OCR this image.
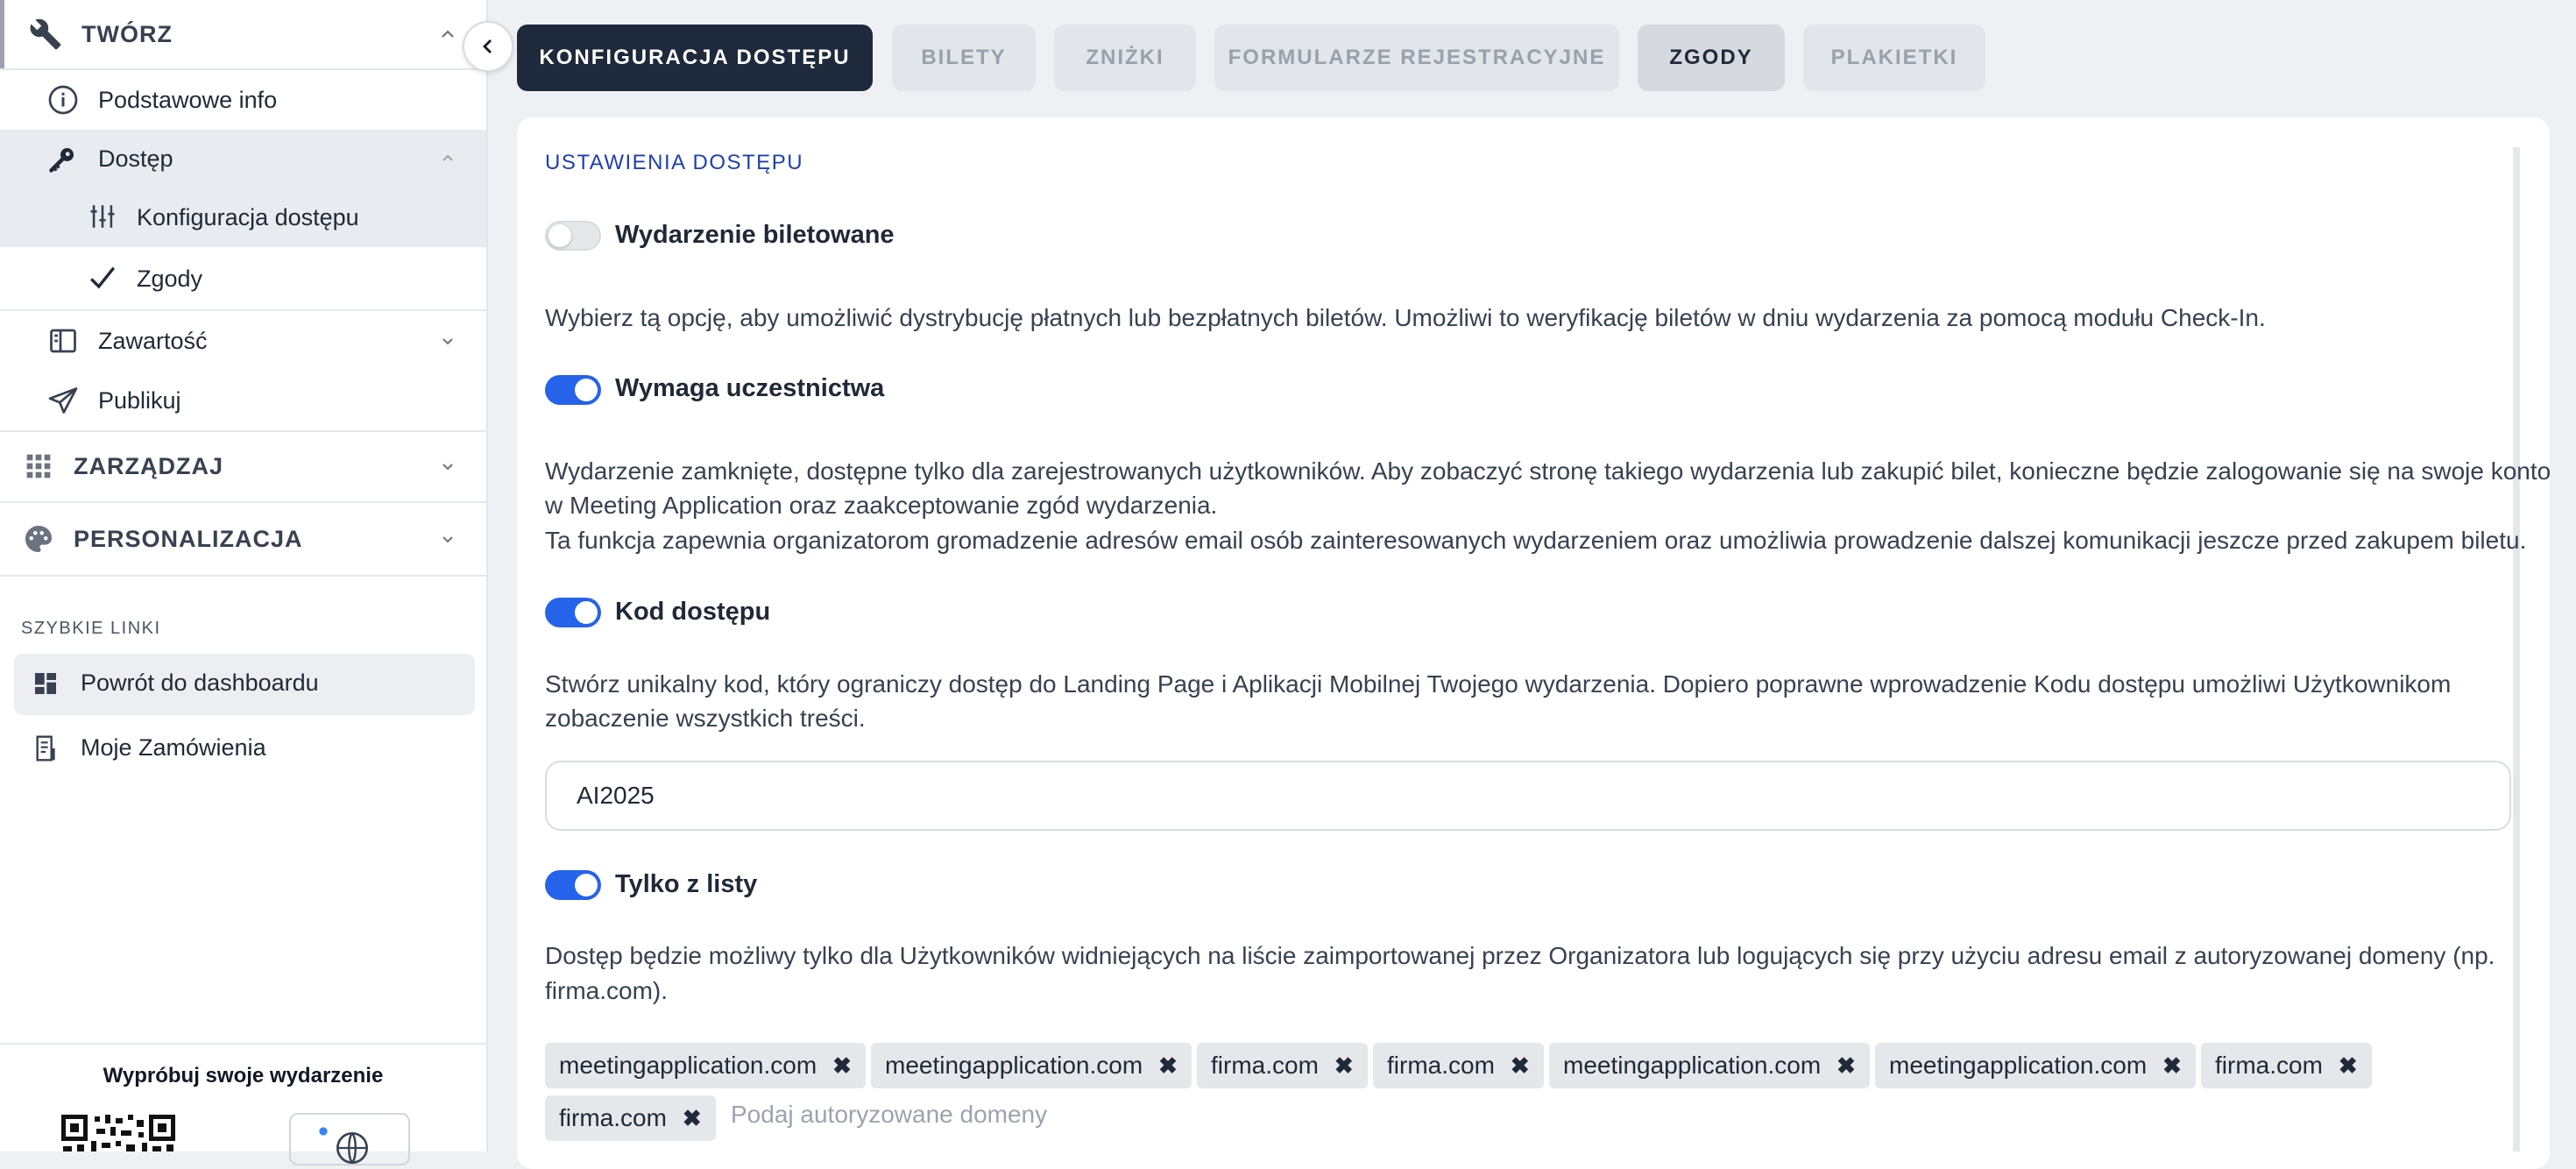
TWÓRZ
Podstawowe info
Dostęp
Konfiguracja dostępu
Zgody
Zawartość
Publikuj
ZARZĄDZAJ
PERSONALIZACJA
SZYBKIE LINKI
Powrót do dashboardu
Moje Zamówienia
Wypróbuj swoje wydarzenie
KONFIGURACJA DOSTĘPU	BILETY	ZNIŻKI	FORMULARZE REJESTRACYJNE	ZGODY	PLAKIETKI
USTAWIENIA DOSTĘPU
Wydarzenie biletowane
Wybierz tą opcję, aby umożliwić dystrybucję płatnych lub bezpłatnych biletów. Umożliwi to weryfikację biletów w dniu wydarzenia za pomocą modułu Check-In.
Wymaga uczestnictwa
Wydarzenie zamknięte, dostępne tylko dla zarejestrowanych użytkowników. Aby zobaczyć stronę takiego wydarzenia lub zakupić bilet, konieczne będzie zalogowanie się na swoje konto
w Meeting Application oraz zaakceptowanie zgód wydarzenia.
Ta funkcja zapewnia organizatorom gromadzenie adresów email osób zainteresowanych wydarzeniem oraz umożliwia prowadzenie dalszej komunikacji jeszcze przed zakupem biletu.
Kod dostępu
Stwórz unikalny kod, który ograniczy dostęp do Landing Page i Aplikacji Mobilnej Twojego wydarzenia. Dopiero poprawne wprowadzenie Kodu dostępu umożliwi Użytkownikom
zobaczenie wszystkich treści.
AI2025
Tylko z listy
Dostęp będzie możliwy tylko dla Użytkowników widniejących na liście zaimportowanej przez Organizatora lub logujących się przy użyciu adresu email z autoryzowanej domeny (np.
firma.com).
meetingapplication.com ✖ meetingapplication.com ✖ firma.com ✖ firma.com ✖ meetingapplication.com ✖ meetingapplication.com ✖ firma.com ✖
firma.com ✖ Podaj autoryzowane domeny
